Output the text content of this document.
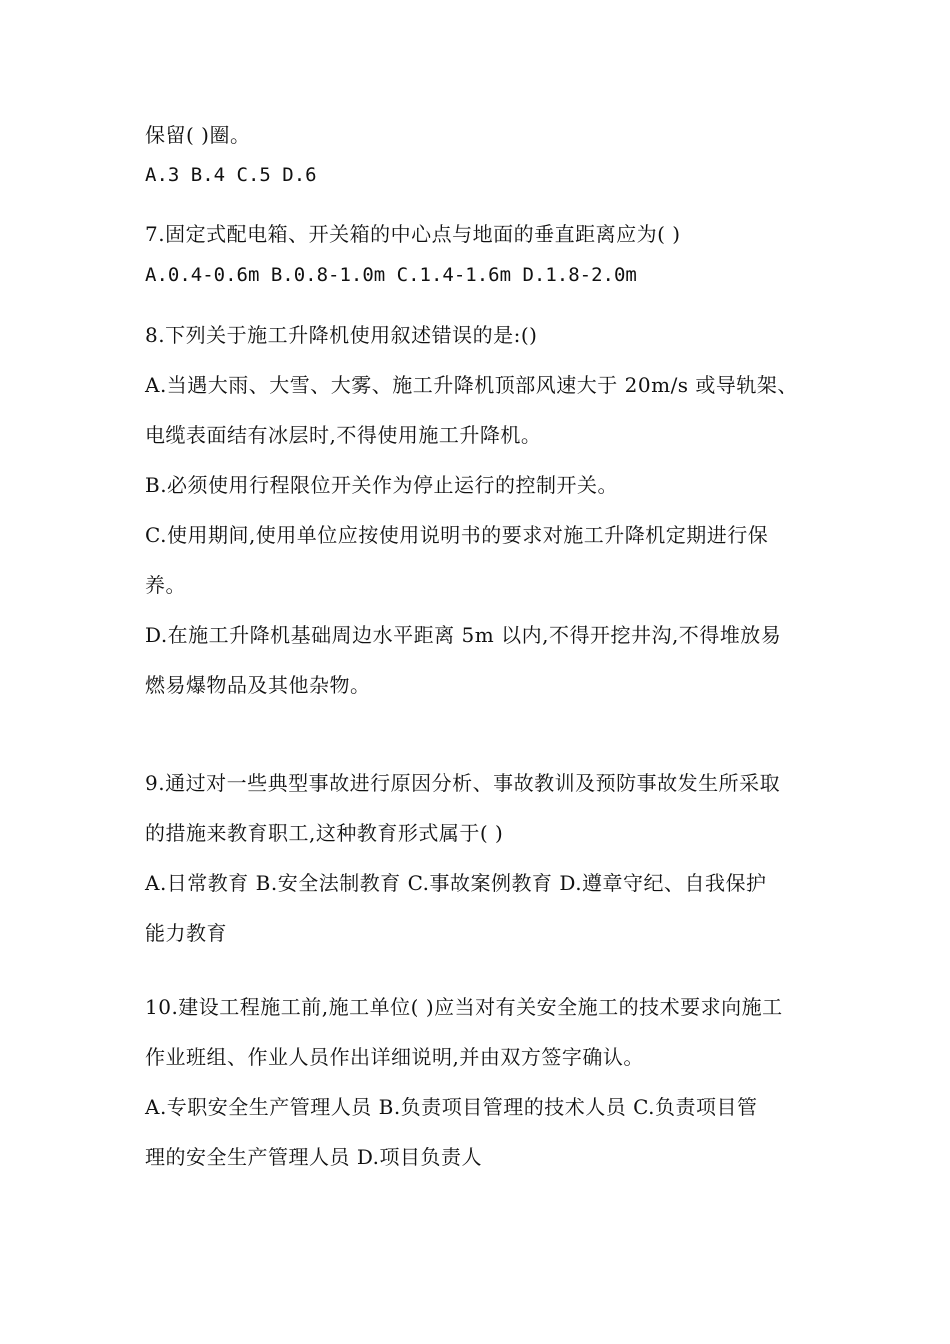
保留( )圈。
A.3 B.4 C.5 D.6
7.固定式配电箱、开关箱的中心点与地面的垂直距离应为( )
A.0.4-0.6m B.0.8-1.0m C.1.4-1.6m D.1.8-2.0m
8.下列关于施工升降机使用叙述错误的是:()
A.当遇大雨、大雪、大雾、施工升降机顶部风速大于 20m/s 或导轨架、
电缆表面结有冰层时,不得使用施工升降机。
B.必须使用行程限位开关作为停止运行的控制开关。
C.使用期间,使用单位应按使用说明书的要求对施工升降机定期进行保
养。
D.在施工升降机基础周边水平距离 5m 以内,不得开挖井沟,不得堆放易
燃易爆物品及其他杂物。
9.通过对一些典型事故进行原因分析、事故教训及预防事故发生所采取
的措施来教育职工,这种教育形式属于( )
A.日常教育 B.安全法制教育 C.事故案例教育 D.遵章守纪、自我保护
能力教育
10.建设工程施工前,施工单位( )应当对有关安全施工的技术要求向施工
作业班组、作业人员作出详细说明,并由双方签字确认。
A.专职安全生产管理人员 B.负责项目管理的技术人员 C.负责项目管
理的安全生产管理人员 D.项目负责人
